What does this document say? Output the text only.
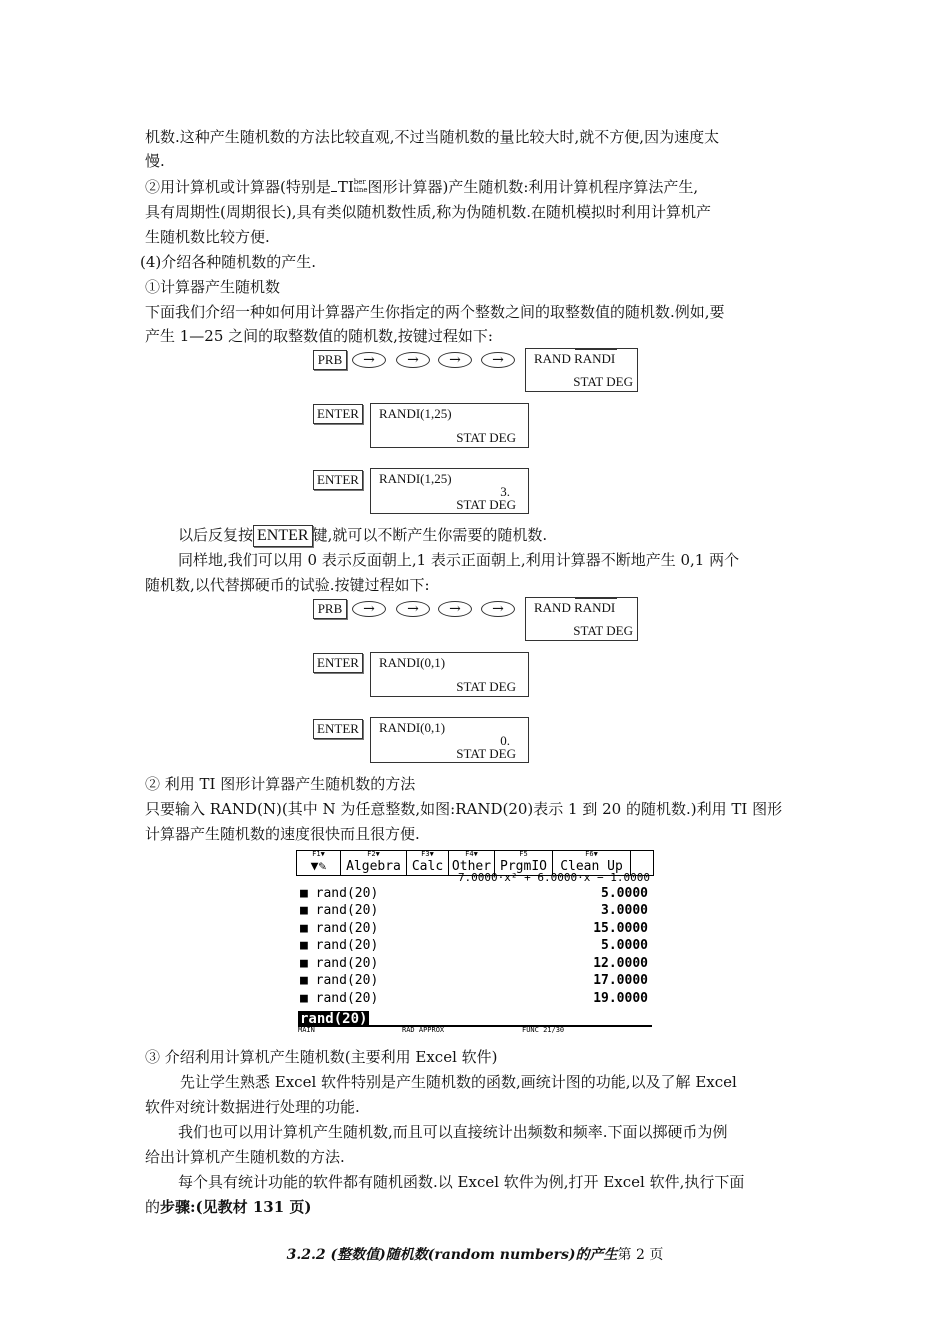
机数.这种产生随机数的方法比较直观,不过当随机数的量比较大时,就不方便,因为速度太
慢.
②用计算机或计算器(特别是 TIber
tine图形计算器)产生随机数:利用计算机程序算法产生,
具有周期性(周期很长),具有类似随机数性质,称为伪随机数.在随机模拟时利用计算机产
生随机数比较方便.
(4)介绍各种随机数的产生.
①计算器产生随机数
下面我们介绍一种如何用计算器产生你指定的两个整数之间的取整数值的随机数.例如,要
产生 1—25 之间的取整数值的随机数,按键过程如下:
PRB	→	→	→	→	RAND RANDI
STAT DEG
ENTER	RANDI(1,25)
STAT DEG
ENTER	RANDI(1,25)
3.
STAT DEG
以后反复按 ENTER 键,就可以不断产生你需要的随机数.
同样地,我们可以用 0 表示反面朝上,1 表示正面朝上,利用计算器不断地产生 0,1 两个
随机数,以代替掷硬币的试验.按键过程如下:
PRB	→	→	→	→	RAND RANDI
STAT DEG
ENTER	RANDI(0,1)
STAT DEG
ENTER	RANDI(0,1)
0.
STAT DEG
② 利用 TI 图形计算器产生随机数的方法
只要输入 RAND(N)(其中 N 为任意整数,如图:RAND(20)表示 1 到 20 的随机数.)利用 TI 图形
计算器产生随机数的速度很快而且很方便.
F1▼
▼✎
F2▼
Algebra
F3▼
Calc
F4▼
Other
F5
PrgmIO
F6▼
Clean Up
7.0000·x² + 6.0000·x − 1.0000
■ rand(20)	5.0000
■ rand(20)	3.0000
■ rand(20)	15.0000
■ rand(20)	5.0000
■ rand(20)	12.0000
■ rand(20)	17.0000
■ rand(20)	19.0000
rand(20)
MAIN	RAD APPROX	FUNC 21/30
③ 介绍利用计算机产生随机数(主要利用 Excel 软件)
先让学生熟悉 Excel 软件特别是产生随机数的函数,画统计图的功能,以及了解 Excel
软件对统计数据进行处理的功能.
我们也可以用计算机产生随机数,而且可以直接统计出频数和频率.下面以掷硬币为例
给出计算机产生随机数的方法.
每个具有统计功能的软件都有随机函数.以 Excel 软件为例,打开 Excel 软件,执行下面
的步骤:(见教材 131 页)
3.2.2 (整数值)随机数(random numbers)的产生第 2 页
